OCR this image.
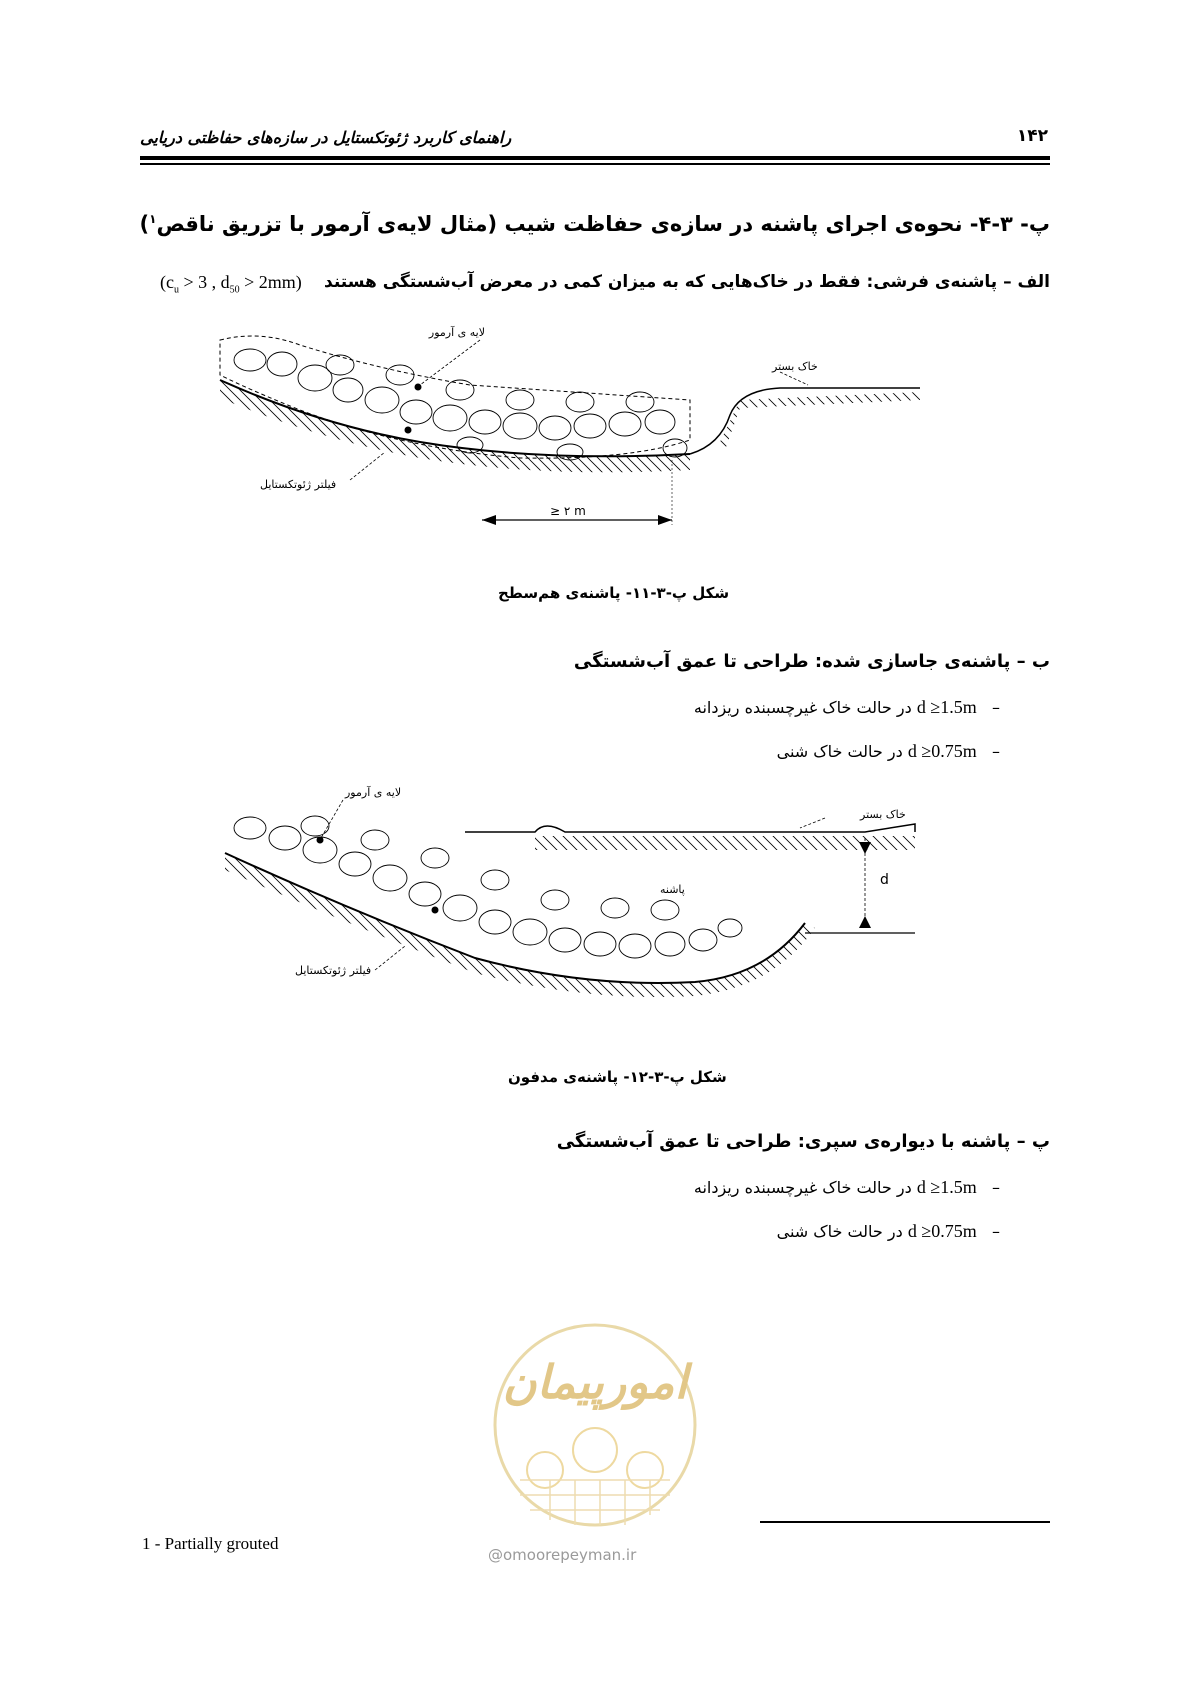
راهنمای کاربرد ژئوتکستایل در سازه‌های حفاظتی دریایی	۱۴۲
پ- ۳-۴- نحوه‌ی اجرای پاشنه در سازه‌ی حفاظت شیب (مثال لایه‌ی آرمور با تزریق ناقص$^۱$)
الف – پاشنه‌ی فرشی: فقط در خاک‌هایی که به میزان کمی در معرض آب‌شستگی هستند
($c_u > 3$ , $d_{50} > 2mm$)
لایه ی آرمور
خاک بستر
فیلتر ژئوتکستایل
≥ ۲ m
شکل پ-۳-۱۱- پاشنه‌ی هم‌سطح
ب – پاشنه‌ی جاسازی شده: طراحی تا عمق آب‌شستگی
در حالت خاک غیرچسبنده ریزدانه d ≥1.5m –
در حالت خاک شنی d ≥0.75m –
d
لایه ی آرمور
خاک بستر
پاشنه
فیلتر ژئوتکستایل
شکل پ-۳-۱۲- پاشنه‌ی مدفون
پ – پاشنه با دیواره‌ی سپری: طراحی تا عمق آب‌شستگی
در حالت خاک غیرچسبنده ریزدانه d ≥1.5m –
در حالت خاک شنی d ≥0.75m –
امورپیمان
@omoorepeyman.ir
1 - Partially grouted
